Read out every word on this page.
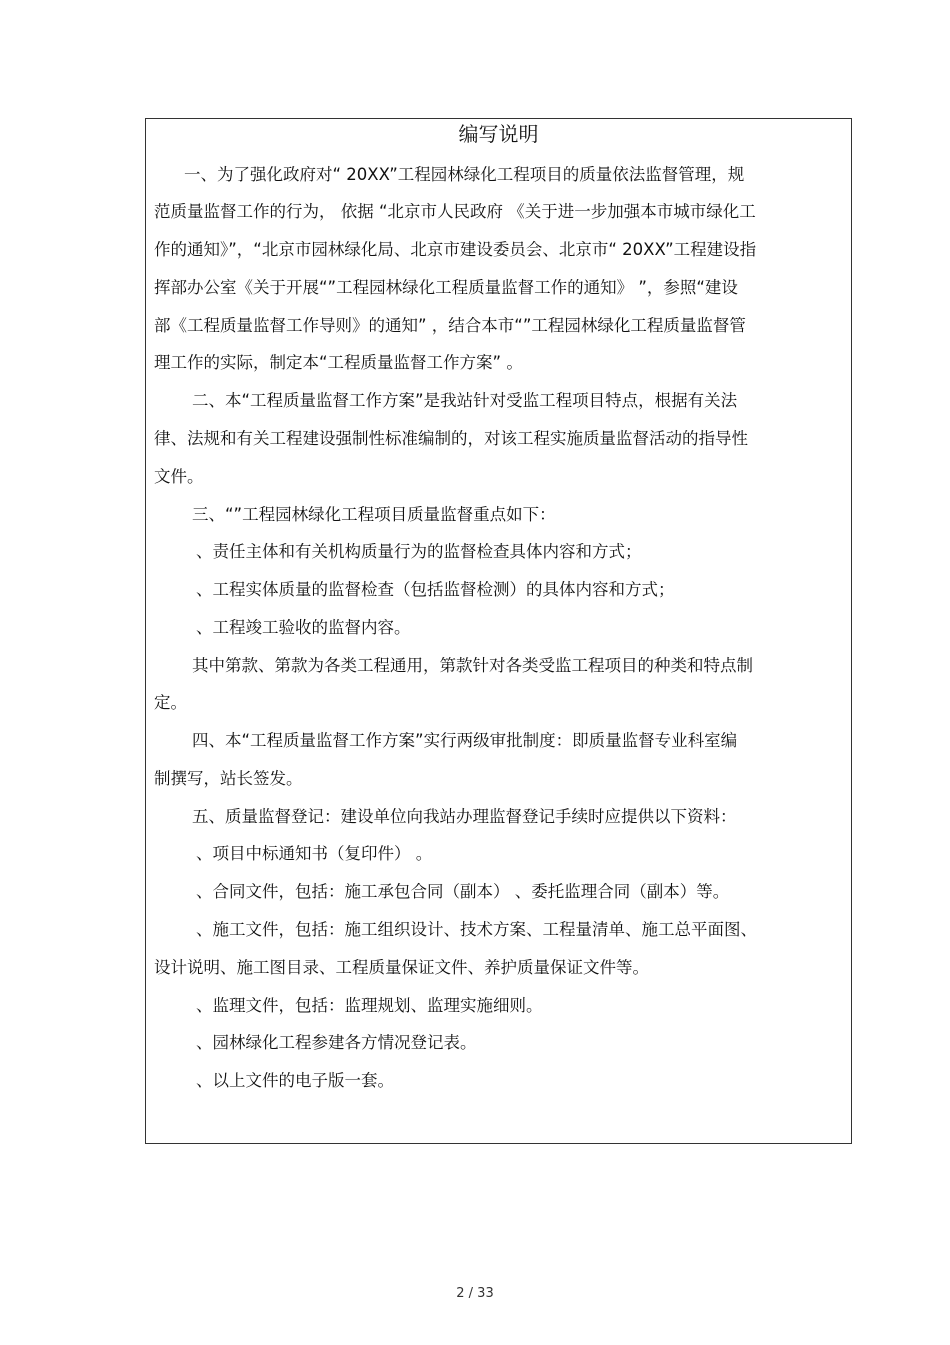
编写说明
一、为了强化政府对“ 20XX”工程园林绿化工程项目的质量依法监督管理，规
范质量监督工作的行为， 依据 “北京市人民政府 《关于进一步加强本市城市绿化工
作的通知》”，“北京市园林绿化局、北京市建设委员会、北京市“ 20XX”工程建设指
挥部办公室《关于开展“”工程园林绿化工程质量监督工作的通知》 ”，参照“建设
部《工程质量监督工作导则》的通知” ，结合本市“”工程园林绿化工程质量监督管
理工作的实际，制定本“工程质量监督工作方案” 。
二、本“工程质量监督工作方案”是我站针对受监工程项目特点，根据有关法
律、法规和有关工程建设强制性标准编制的，对该工程实施质量监督活动的指导性
文件。
三、“”工程园林绿化工程项目质量监督重点如下：
、责任主体和有关机构质量行为的监督检查具体内容和方式；
、工程实体质量的监督检查（包括监督检测）的具体内容和方式；
、工程竣工验收的监督内容。
其中第款、第款为各类工程通用，第款针对各类受监工程项目的种类和特点制
定。
四、本“工程质量监督工作方案”实行两级审批制度：即质量监督专业科室编
制撰写，站长签发。
五、质量监督登记：建设单位向我站办理监督登记手续时应提供以下资料：
、项目中标通知书（复印件） 。
、合同文件，包括：施工承包合同（副本） 、委托监理合同（副本）等。
、施工文件，包括：施工组织设计、技术方案、工程量清单、施工总平面图、
设计说明、施工图目录、工程质量保证文件、养护质量保证文件等。
、监理文件，包括：监理规划、监理实施细则。
、园林绿化工程参建各方情况登记表。
、以上文件的电子版一套。
2 / 33
